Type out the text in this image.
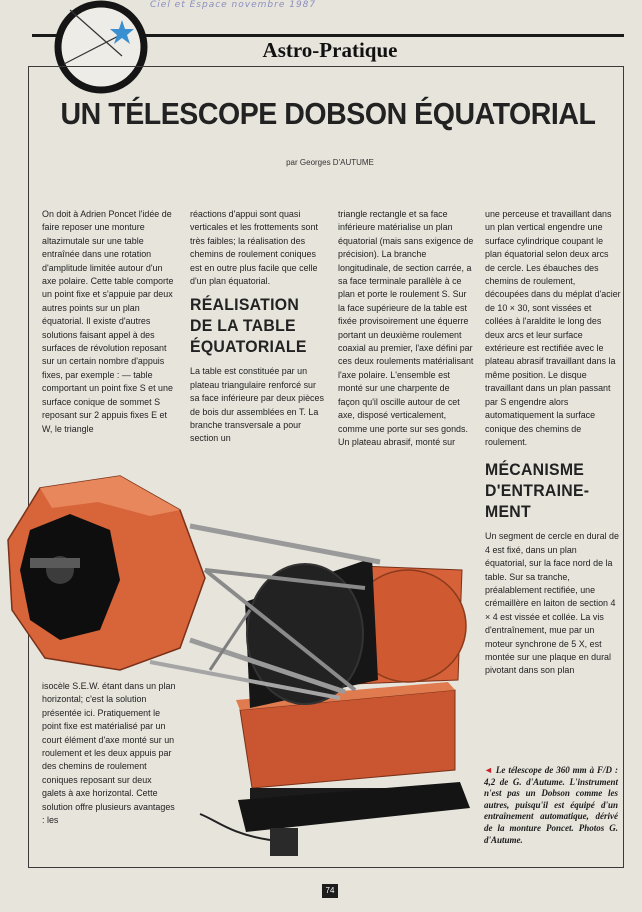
Ciel et Espace novembre 1987
Astro-Pratique
UN TÉLESCOPE DOBSON ÉQUATORIAL
par Georges D'AUTUME

On doit à Adrien Poncet l'idée de faire reposer une monture altazimutale sur une table entraînée dans une rotation d'amplitude limitée autour d'un axe polaire. Cette table comporte un point fixe et s'appuie par deux autres points sur un plan équatorial. Il existe d'autres solutions faisant appel à des surfaces de révolution reposant sur un certain nombre d'appuis fixes, par exemple : — table comportant un point fixe S et une surface conique de sommet S reposant sur 2 appuis fixes E et W, le triangle

réactions d'appui sont quasi verticales et les frottements sont très faibles; la réalisation des chemins de roulement coniques est en outre plus facile que celle d'un plan équatorial.

RÉALISATION DE LA TABLE ÉQUATORIALE

La table est constituée par un plateau triangulaire renforcé sur sa face inférieure par deux pièces de bois dur assemblées en T. La branche transversale a pour section un

triangle rectangle et sa face inférieure matérialise un plan équatorial (mais sans exigence de précision). La branche longitudinale, de section carrée, a sa face terminale parallèle à ce plan et porte le roulement S. Sur la face supérieure de la table est fixée provisoirement une équerre portant un deuxième roulement coaxial au premier, l'axe défini par ces deux roulements matérialisant l'axe polaire. L'ensemble est monté sur une charpente de façon qu'il oscille autour de cet axe, disposé verticalement, comme une porte sur ses gonds. Un plateau abrasif, monté sur

une perceuse et travaillant dans un plan vertical engendre une surface cylindrique coupant le plan équatorial selon deux arcs de cercle. Les ébauches des chemins de roulement, découpées dans du méplat d'acier de 10 × 30, sont vissées et collées à l'araldite le long des deux arcs et leur surface extérieure est rectifiée avec le plateau abrasif travaillant dans la même position. Le disque travaillant dans un plan passant par S engendre alors automatiquement la surface conique des chemins de roulement.

MÉCANISME D'ENTRAINE-MENT

Un segment de cercle en dural de 4 est fixé, dans un plan équatorial, sur la face nord de la table. Sur sa tranche, préalablement rectifiée, une crémaillère en laiton de section 4 × 4 est vissée et collée. La vis d'entraînement, mue par un moteur synchrone de 5 X, est montée sur une plaque en dural pivotant dans son plan

isocèle S.E.W. étant dans un plan horizontal; c'est la solution présentée ici. Pratiquement le point fixe est matérialisé par un court élément d'axe monté sur un roulement et les deux appuis par des chemins de roulement coniques reposant sur deux galets à axe horizontal. Cette solution offre plusieurs avantages : les

◄ Le télescope de 360 mm à F/D : 4,2 de G. d'Autume. L'instrument n'est pas un Dobson comme les autres, puisqu'il est équipé d'un entraînement automatique, dérivé de la monture Poncet. Photos G. d'Autume.
74
